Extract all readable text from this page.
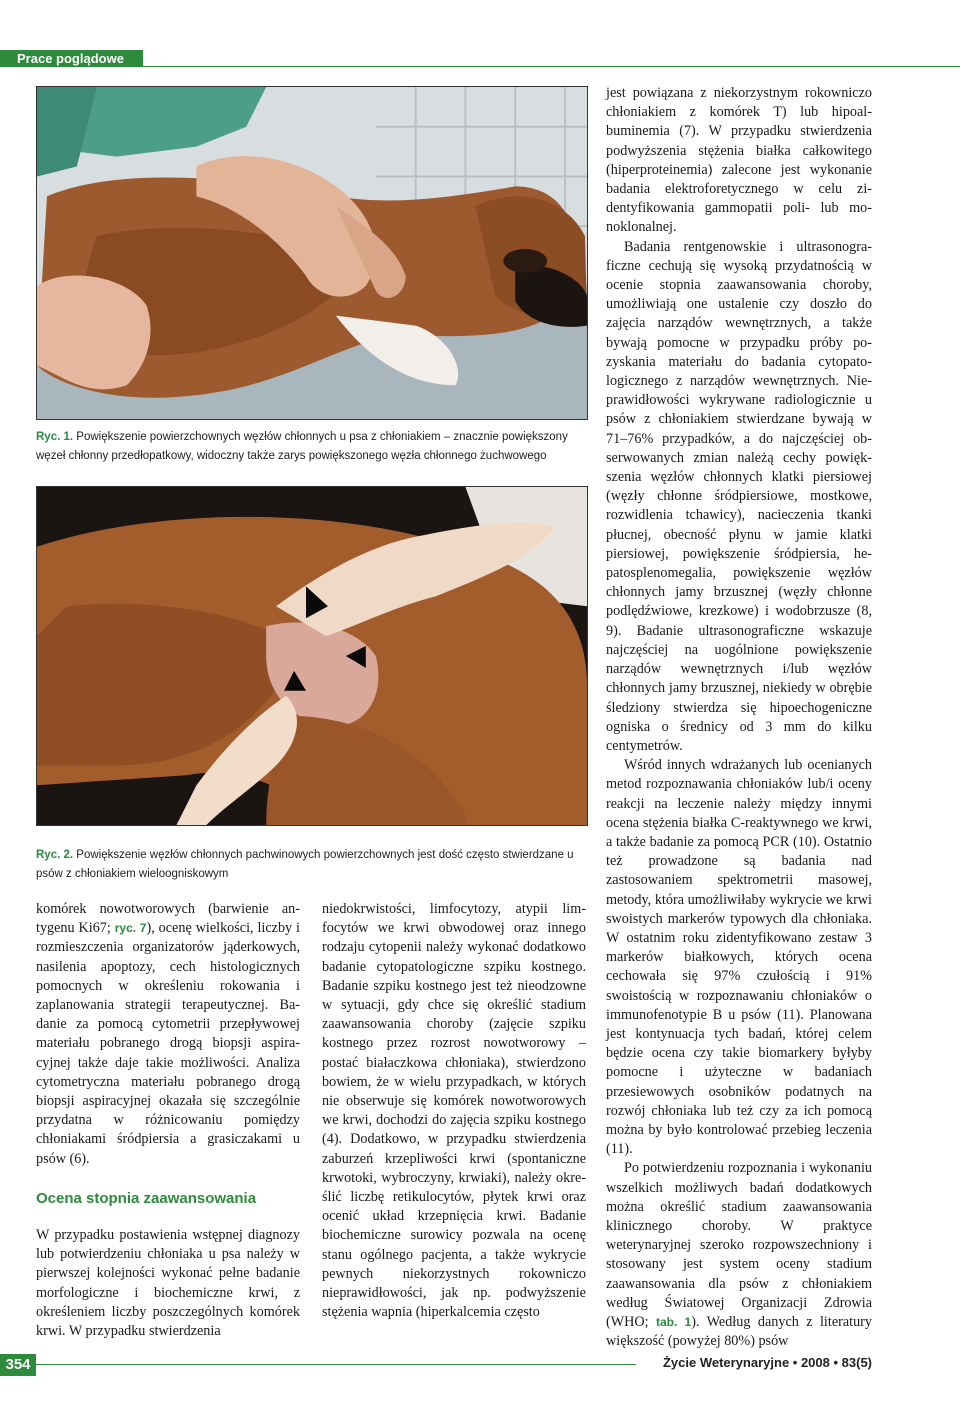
Prace poglądowe
Ryc. 1. Powiększenie powierzchownych węzłów chłonnych u psa z chłoniakiem – znacznie powiększony węzeł chłonny przedłopatkowy, widoczny także zarys powiększonego węzła chłonnego żuchwowego
Ryc. 2. Powiększenie węzłów chłonnych pachwinowych powierzchownych jest dość często stwierdzane u psów z chłoniakiem wieloogniskowym

komórek nowotworowych (barwienie antygenu Ki67; ryc. 7), ocenę wielkości, liczby i rozmieszczenia organizatorów jąderkowych, nasilenia apoptozy, cech histologicznych pomocnych w określeniu rokowania i zaplanowania strategii terapeutycznej. Badanie za pomocą cytometrii przepływowej materiału pobranego drogą biopsji aspiracyjnej także daje takie możliwości. Analiza cytometryczna materiału pobranego drogą biopsji aspiracyjnej okazała się szczególnie przydatna w różnicowaniu pomiędzy chłoniakami śródpiersia a grasiczakami u psów (6).

Ocena stopnia zaawansowania

W przypadku postawienia wstępnej diagnozy lub potwierdzeniu chłoniaka u psa należy w pierwszej kolejności wykonać pełne badanie morfologiczne i biochemiczne krwi, z określeniem liczby poszczególnych komórek krwi. W przypadku stwierdzenia

niedokrwistości, limfocytozy, atypii limfocytów we krwi obwodowej oraz innego rodzaju cytopenii należy wykonać dodatkowo badanie cytopatologiczne szpiku kostnego. Badanie szpiku kostnego jest też nieodzowne w sytuacji, gdy chce się określić stadium zaawansowania choroby (zajęcie szpiku kostnego przez rozrost nowotworowy – postać białaczkowa chłoniaka), stwierdzono bowiem, że w wielu przypadkach, w których nie obserwuje się komórek nowotworowych we krwi, dochodzi do zajęcia szpiku kostnego (4). Dodatkowo, w przypadku stwierdzenia zaburzeń krzepliwości krwi (spontaniczne krwotoki, wybroczyny, krwiaki), należy określić liczbę retikulocytów, płytek krwi oraz ocenić układ krzepnięcia krwi. Badanie biochemiczne surowicy pozwala na ocenę stanu ogólnego pacjenta, a także wykrycie pewnych niekorzystnych rokowniczo nieprawidłowości, jak np. podwyższenie stężenia wapnia (hiperkalcemia często

jest powiązana z niekorzystnym rokowniczo chłoniakiem z komórek T) lub hipoalbuminemia (7). W przypadku stwierdzenia podwyższenia stężenia białka całkowitego (hiperproteinemia) zalecone jest wykonanie badania elektroforetycznego w celu zidentyfikowania gammopatii poli- lub monoklonalnej.

Badania rentgenowskie i ultrasonograficzne cechują się wysoką przydatnością w ocenie stopnia zaawansowania choroby, umożliwiają one ustalenie czy doszło do zajęcia narządów wewnętrznych, a także bywają pomocne w przypadku próby pozyskania materiału do badania cytopatologicznego z narządów wewnętrznych. Nieprawidłowości wykrywane radiologicznie u psów z chłoniakiem stwierdzane bywają w 71–76% przypadków, a do najczęściej obserwowanych zmian należą cechy powiększenia węzłów chłonnych klatki piersiowej (węzły chłonne śródpiersiowe, mostkowe, rozwidlenia tchawicy), nacieczenia tkanki płucnej, obecność płynu w jamie klatki piersiowej, powiększenie śródpiersia, hepatosplenomegalia, powiększenie węzłów chłonnych jamy brzusznej (węzły chłonne podlędźwiowe, krezkowe) i wodobrzusze (8, 9). Badanie ultrasonograficzne wskazuje najczęściej na uogólnione powiększenie narządów wewnętrznych i/lub węzłów chłonnych jamy brzusznej, niekiedy w obrębie śledziony stwierdza się hipoechogeniczne ogniska o średnicy od 3 mm do kilku centymetrów.

Wśród innych wdrażanych lub ocenianych metod rozpoznawania chłoniaków lub/i oceny reakcji na leczenie należy między innymi ocena stężenia białka C-reaktywnego we krwi, a także badanie za pomocą PCR (10). Ostatnio też prowadzone są badania nad zastosowaniem spektrometrii masowej, metody, która umożliwiłaby wykrycie we krwi swoistych markerów typowych dla chłoniaka. W ostatnim roku zidentyfikowano zestaw 3 markerów białkowych, których ocena cechowała się 97% czułością i 91% swoistością w rozpoznawaniu chłoniaków o immunofenotypie B u psów (11). Planowana jest kontynuacja tych badań, której celem będzie ocena czy takie biomarkery byłyby pomocne i użyteczne w badaniach przesiewowych osobników podatnych na rozwój chłoniaka lub też czy za ich pomocą można by było kontrolować przebieg leczenia (11).

Po potwierdzeniu rozpoznania i wykonaniu wszelkich możliwych badań dodatkowych można określić stadium zaawansowania klinicznego choroby. W praktyce weterynaryjnej szeroko rozpowszechniony i stosowany jest system oceny stadium zaawansowania dla psów z chłoniakiem według Światowej Organizacji Zdrowia (WHO; tab. 1). Według danych z literatury większość (powyżej 80%) psów

354	Życie Weterynaryjne • 2008 • 83(5)
